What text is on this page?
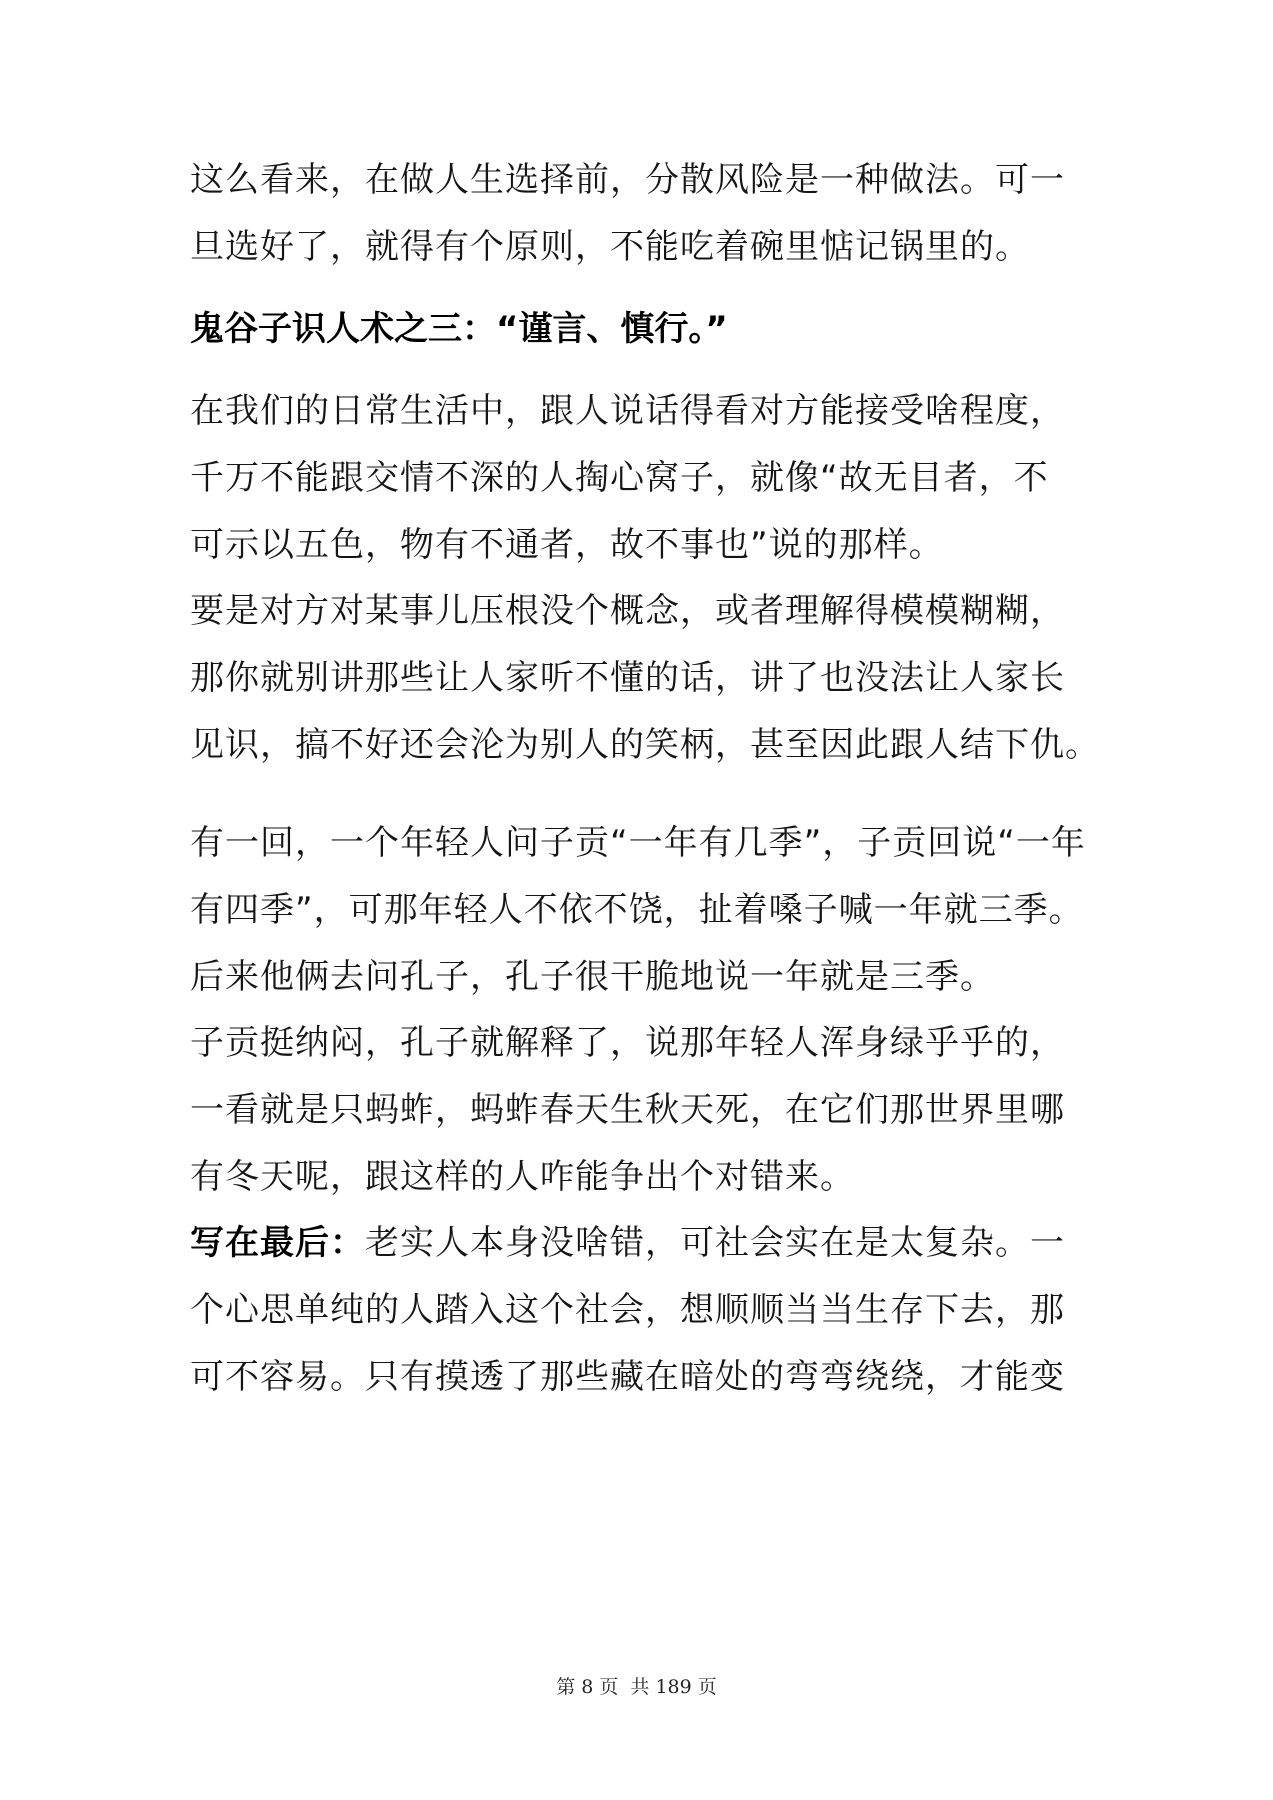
这么看来，在做人生选择前，分散风险是一种做法。可一
旦选好了，就得有个原则，不能吃着碗里惦记锅里的。
鬼谷子识人术之三：“谨言、慎行。”
在我们的日常生活中，跟人说话得看对方能接受啥程度，
千万不能跟交情不深的人掏心窝子，就像“故无目者，不
可示以五色，物有不通者，故不事也”说的那样。
要是对方对某事儿压根没个概念，或者理解得模模糊糊，
那你就别讲那些让人家听不懂的话，讲了也没法让人家长
见识，搞不好还会沦为别人的笑柄，甚至因此跟人结下仇。
有一回，一个年轻人问子贡“一年有几季”，子贡回说“一年
有四季”，可那年轻人不依不饶，扯着嗓子喊一年就三季。
后来他俩去问孔子，孔子很干脆地说一年就是三季。
子贡挺纳闷，孔子就解释了，说那年轻人浑身绿乎乎的，
一看就是只蚂蚱，蚂蚱春天生秋天死，在它们那世界里哪
有冬天呢，跟这样的人咋能争出个对错来。
写在最后：老实人本身没啥错，可社会实在是太复杂。一
个心思单纯的人踏入这个社会，想顺顺当当生存下去，那
可不容易。只有摸透了那些藏在暗处的弯弯绕绕，才能变
第 8 页 共 189 页
